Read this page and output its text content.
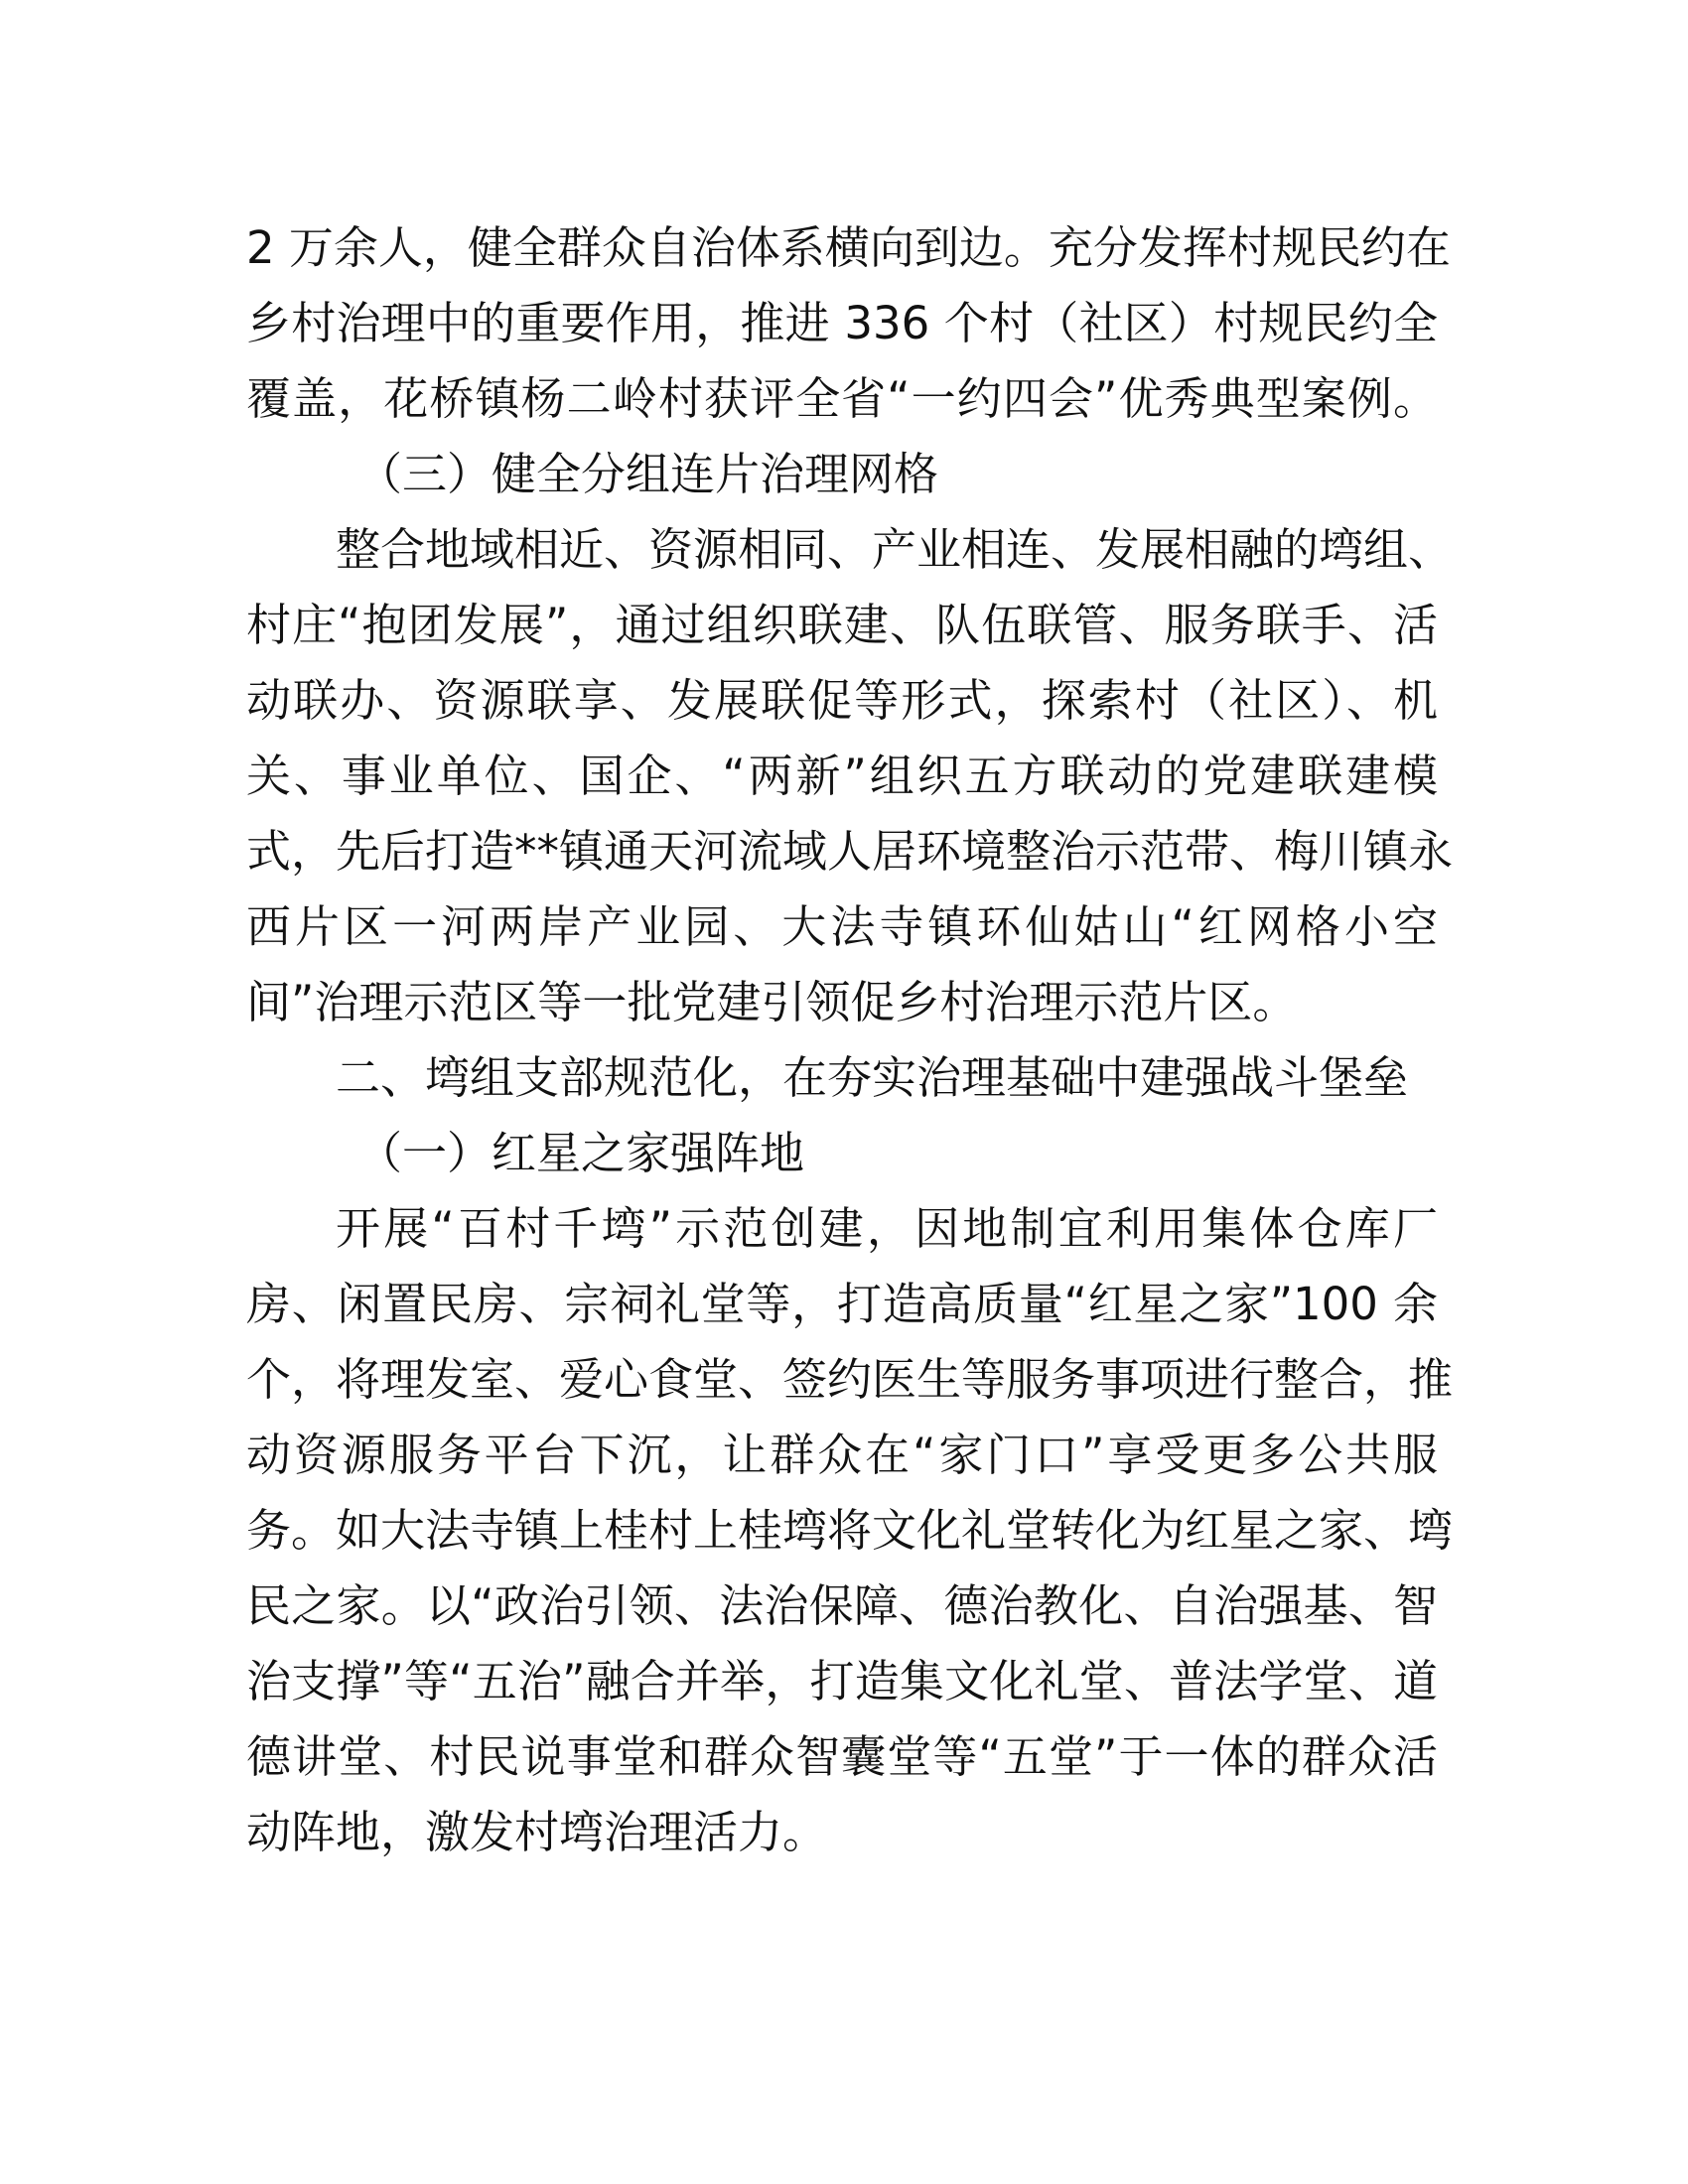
2 万余人，健全群众自治体系横向到边。充分发挥村规民约在
乡村治理中的重要作用，推进 336 个村（社区）村规民约全
覆盖，花桥镇杨二岭村获评全省“一约四会”优秀典型案例。
（三）健全分组连片治理网格
整合地域相近、资源相同、产业相连、发展相融的塆组、
村庄“抱团发展”，通过组织联建、队伍联管、服务联手、活
动联办、资源联享、发展联促等形式，探索村（社区）、机
关、事业单位、国企、“两新”组织五方联动的党建联建模
式，先后打造**镇通天河流域人居环境整治示范带、梅川镇永
西片区一河两岸产业园、大法寺镇环仙姑山“红网格小空
间”治理示范区等一批党建引领促乡村治理示范片区。
二、塆组支部规范化，在夯实治理基础中建强战斗堡垒
（一）红星之家强阵地
开展“百村千塆”示范创建，因地制宜利用集体仓库厂
房、闲置民房、宗祠礼堂等，打造高质量“红星之家”100 余
个，将理发室、爱心食堂、签约医生等服务事项进行整合，推
动资源服务平台下沉，让群众在“家门口”享受更多公共服
务。如大法寺镇上桂村上桂塆将文化礼堂转化为红星之家、塆
民之家。以“政治引领、法治保障、德治教化、自治强基、智
治支撑”等“五治”融合并举，打造集文化礼堂、普法学堂、道
德讲堂、村民说事堂和群众智囊堂等“五堂”于一体的群众活
动阵地，激发村塆治理活力。
